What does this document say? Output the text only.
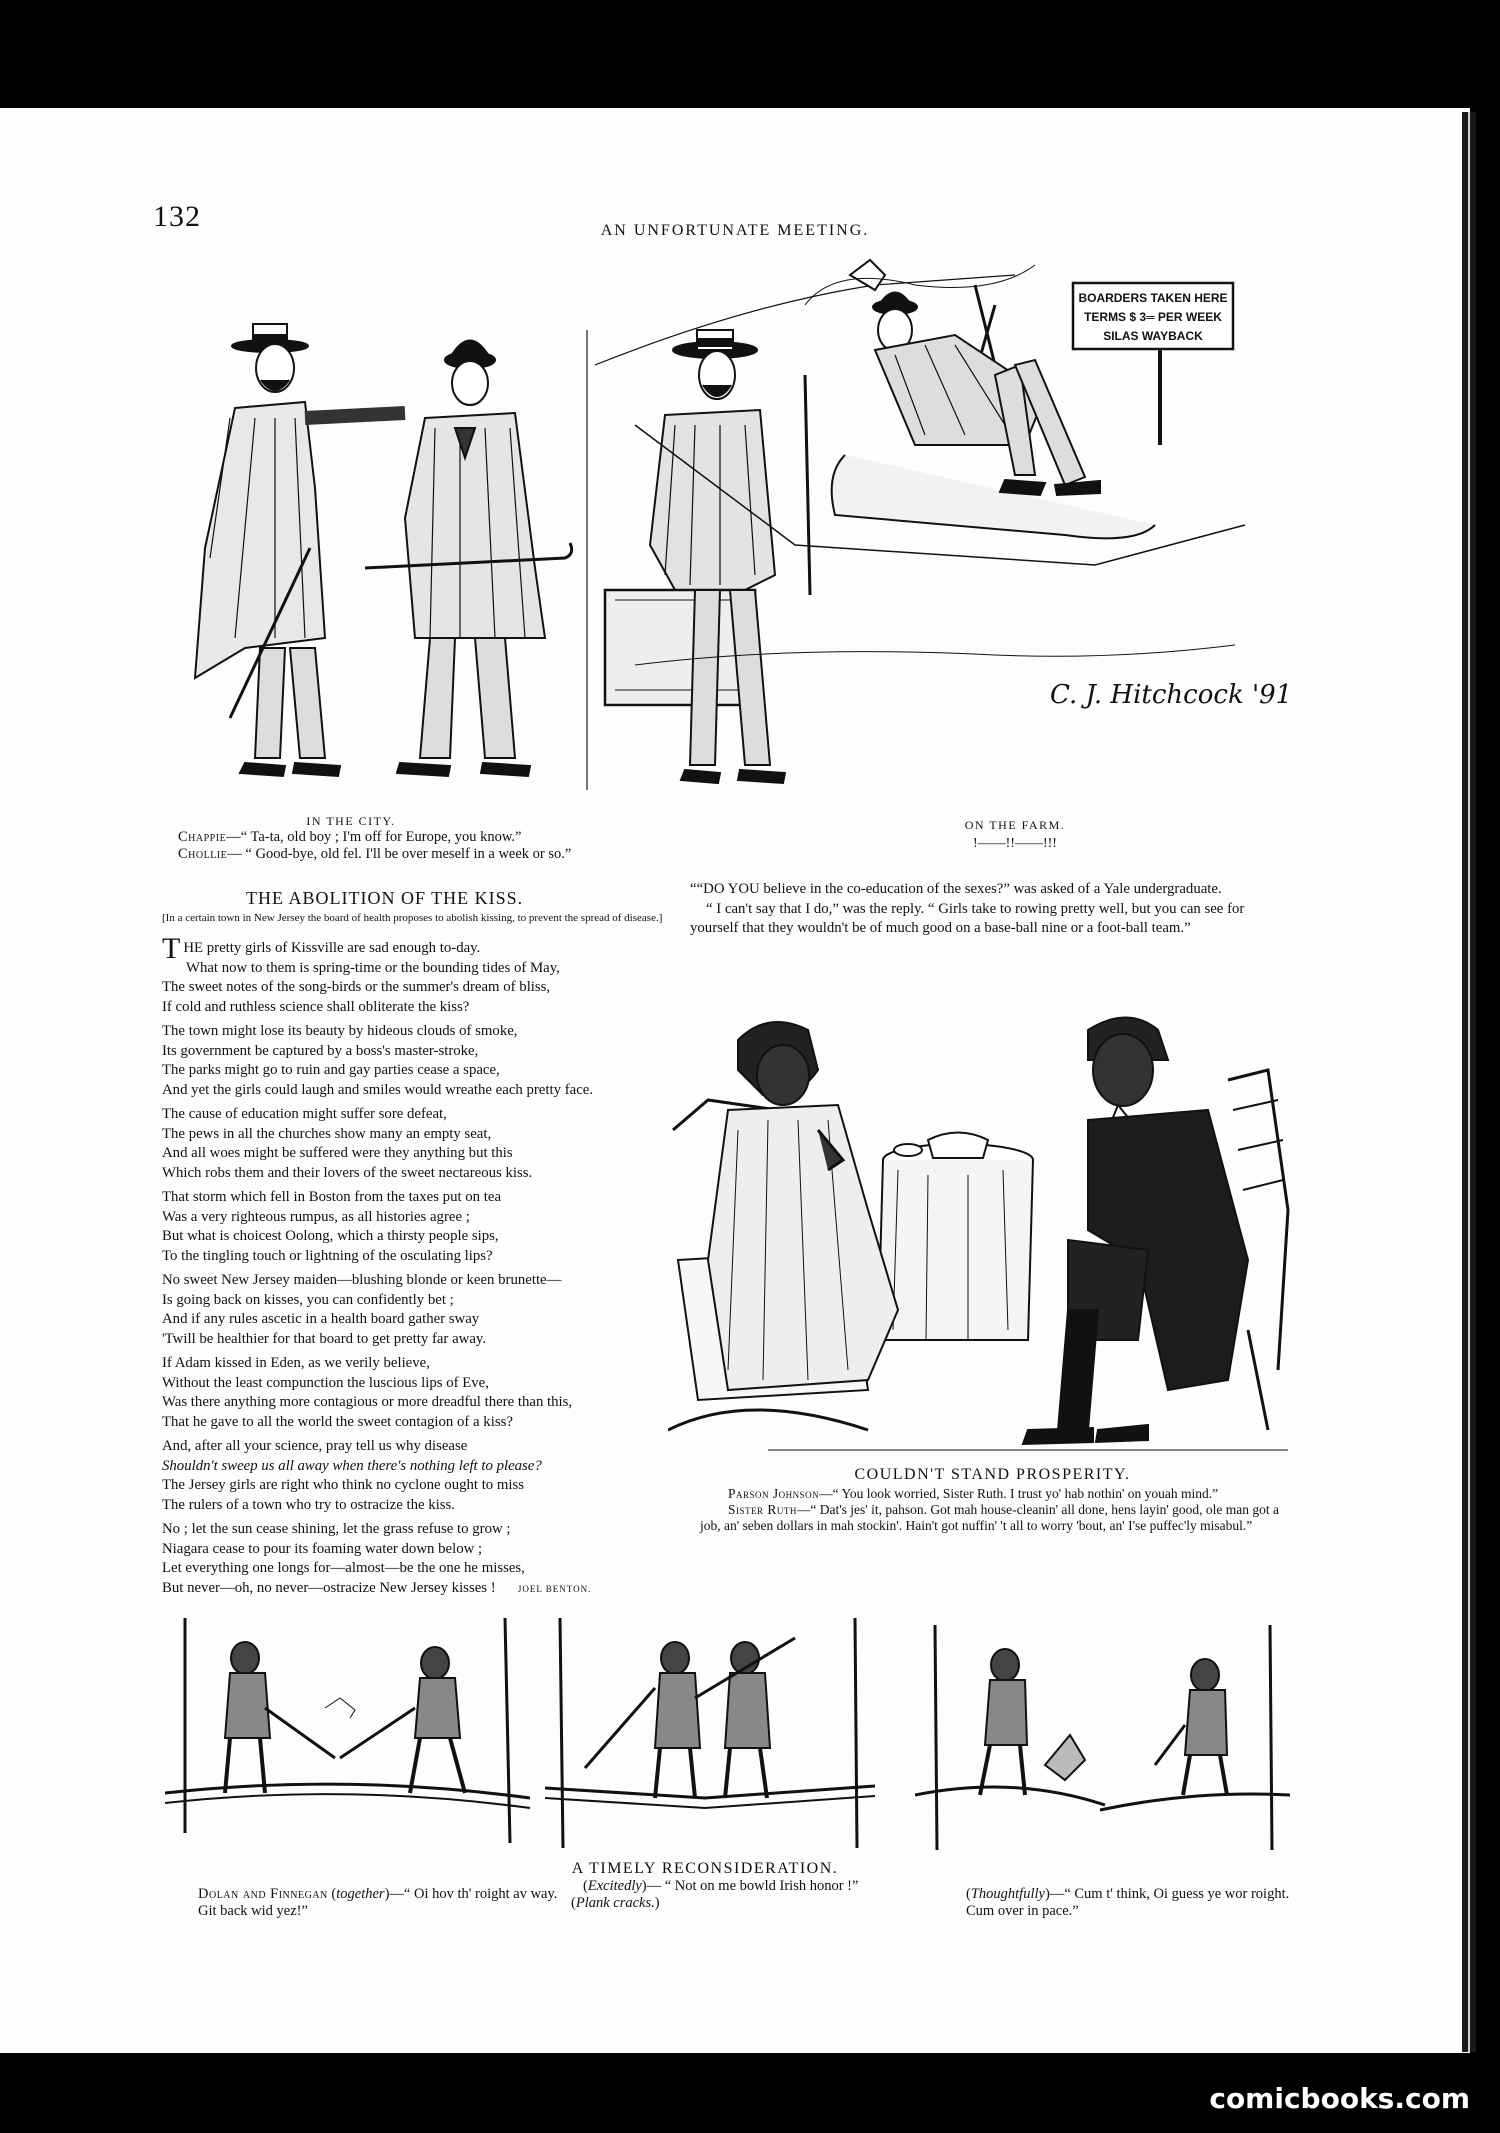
132	AN UNFORTUNATE MEETING.
BOARDERS TAKEN HERE
TERMS $ 3═ PER WEEK
SILAS WAYBACK
C. J. Hitchcock '91
IN THE CITY.
Chappie—“ Ta-ta, old boy ; I'm off for Europe, you know.”
Chollie— “ Good-bye, old fel. I'll be over meself in a week or so.”
ON THE FARM.
!——!!——!!!
THE ABOLITION OF THE KISS.
[In a certain town in New Jersey the board of health proposes to abolish kissing, to prevent the spread of disease.]
THE pretty girls of Kissville are sad enough to-day.
What now to them is spring-time or the bounding tides of May,
The sweet notes of the song-birds or the summer's dream of bliss,
If cold and ruthless science shall obliterate the kiss?
The town might lose its beauty by hideous clouds of smoke,
Its government be captured by a boss's master-stroke,
The parks might go to ruin and gay parties cease a space,
And yet the girls could laugh and smiles would wreathe each pretty face.
The cause of education might suffer sore defeat,
The pews in all the churches show many an empty seat,
And all woes might be suffered were they anything but this
Which robs them and their lovers of the sweet nectareous kiss.
That storm which fell in Boston from the taxes put on tea
Was a very righteous rumpus, as all histories agree ;
But what is choicest Oolong, which a thirsty people sips,
To the tingling touch or lightning of the osculating lips?
No sweet New Jersey maiden—blushing blonde or keen brunette—
Is going back on kisses, you can confidently bet ;
And if any rules ascetic in a health board gather sway
'Twill be healthier for that board to get pretty far away.
If Adam kissed in Eden, as we verily believe,
Without the least compunction the luscious lips of Eve,
Was there anything more contagious or more dreadful there than this,
That he gave to all the world the sweet contagion of a kiss?
And, after all your science, pray tell us why disease
Shouldn't sweep us all away when there's nothing left to please?
The Jersey girls are right who think no cyclone ought to miss
The rulers of a town who try to ostracize the kiss.
No ; let the sun cease shining, let the grass refuse to grow ;
Niagara cease to pour its foaming water down below ;
Let everything one longs for—almost—be the one he misses,
But never—oh, no never—ostracize New Jersey kisses ! JOEL BENTON.
““DO YOU believe in the co-education of the sexes?” was asked of a Yale undergraduate.
“ I can't say that I do,” was the reply. “ Girls take to rowing pretty well, but you can see for yourself that they wouldn't be of much good on a base-ball nine or a foot-ball team.”
COULDN'T STAND PROSPERITY.
Parson Johnson—“ You look worried, Sister Ruth. I trust yo' hab nothin' on youah mind.”
Sister Ruth—“ Dat's jes' it, pahson. Got mah house-cleanin' all done, hens layin' good, ole man got a job, an' seben dollars in mah stockin'. Hain't got nuffin' 't all to worry 'bout, an' I'se puffec'ly misabul.”
A TIMELY RECONSIDERATION.
Dolan and Finnegan (together)—“ Oi hov th' roight av way. Git back wid yez!”
(Excitedly)— “ Not on me bowld Irish honor !”
(Plank cracks.)
(Thoughtfully)—“ Cum t' think, Oi guess ye wor roight. Cum over in pace.”
comicbooks.com
